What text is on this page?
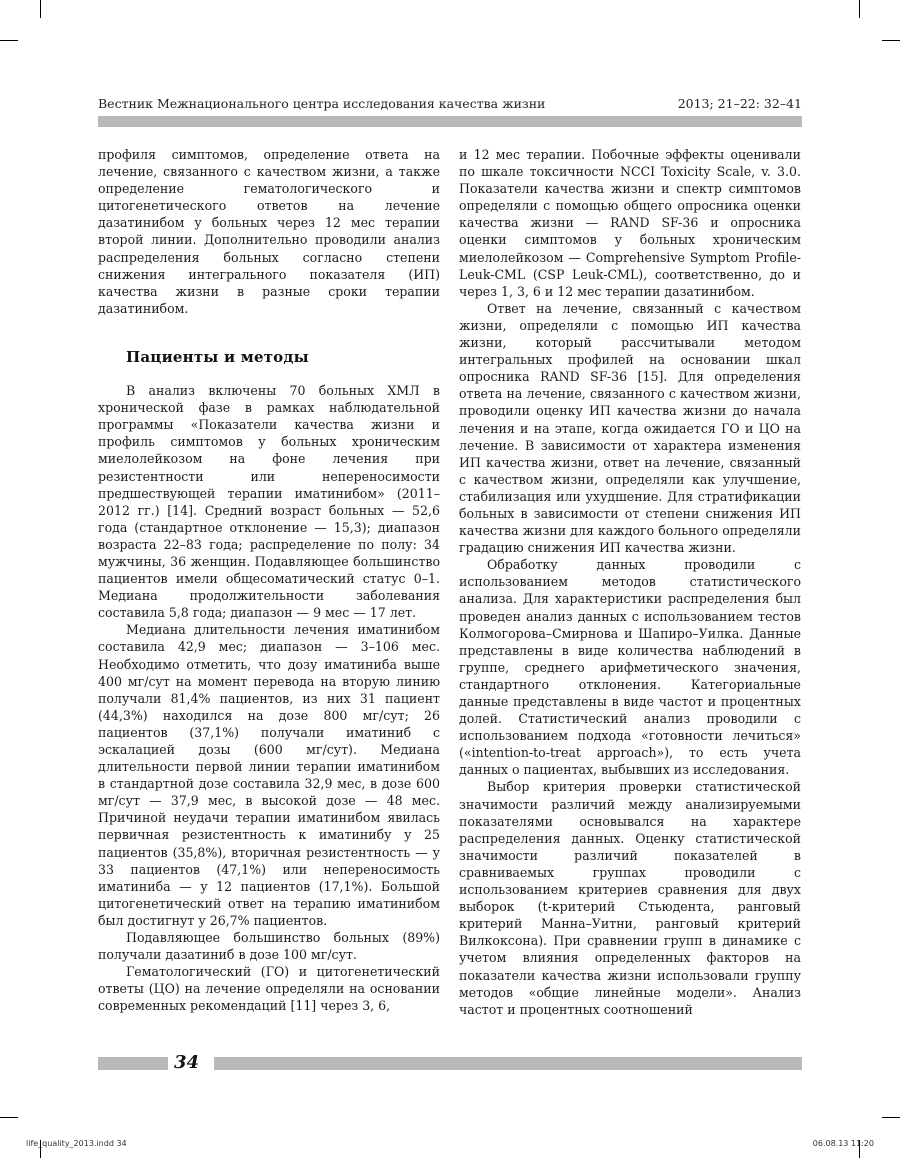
Вестник Межнационального центра исследования качества жизни	2013; 21–22: 32–41

профиля симптомов, определение ответа на лечение, связанного с качеством жизни, а также определение гематологического и цитогенетического ответов на лечение дазатинибом у больных через 12 мес терапии второй линии. Дополнительно проводили анализ распределения больных согласно степени снижения интегрального показателя (ИП) качества жизни в разные сроки терапии дазатинибом.

Пациенты и методы

В анализ включены 70 больных ХМЛ в хронической фазе в рамках наблюдательной программы «Показатели качества жизни и профиль симптомов у больных хроническим миелолейкозом на фоне лечения при резистентности или непереносимости предшествующей терапии иматинибом» (2011–2012 гг.) [14]. Средний возраст больных — 52,6 года (стандартное отклонение — 15,3); диапазон возраста 22–83 года; распределение по полу: 34 мужчины, 36 женщин. Подавляющее большинство пациентов имели общесоматический статус 0–1. Медиана продолжительности заболевания составила 5,8 года; диапазон — 9 мес — 17 лет.

Медиана длительности лечения иматинибом составила 42,9 мес; диапазон — 3–106 мес. Необходимо отметить, что дозу иматиниба выше 400 мг/сут на момент перевода на вторую линию получали 81,4% пациентов, из них 31 пациент (44,3%) находился на дозе 800 мг/сут; 26 пациентов (37,1%) получали иматиниб с эскалацией дозы (600 мг/сут). Медиана длительности первой линии терапии иматинибом в стандартной дозе составила 32,9 мес, в дозе 600 мг/сут — 37,9 мес, в высокой дозе — 48 мес. Причиной неудачи терапии иматинибом явилась первичная резистентность к иматинибу у 25 пациентов (35,8%), вторичная резистентность — у 33 пациентов (47,1%) или непереносимость иматиниба — у 12 пациентов (17,1%). Большой цитогенетический ответ на терапию иматинибом был достигнут у 26,7% пациентов.

Подавляющее большинство больных (89%) получали дазатиниб в дозе 100 мг/сут.

Гематологический (ГО) и цитогенетический ответы (ЦО) на лечение определяли на основании современных рекомендаций [11] через 3, 6,

и 12 мес терапии. Побочные эффекты оценивали по шкале токсичности NCCI Toxicity Scale, v. 3.0. Показатели качества жизни и спектр симптомов определяли с помощью общего опросника оценки качества жизни — RAND SF-36 и опросника оценки симптомов у больных хроническим миелолейкозом — Comprehensive Symptom Profile-Leuk-CML (CSP Leuk-CML), соответственно, до и через 1, 3, 6 и 12 мес терапии дазатинибом.

Ответ на лечение, связанный с качеством жизни, определяли с помощью ИП качества жизни, который рассчитывали методом интегральных профилей на основании шкал опросника RAND SF-36 [15]. Для определения ответа на лечение, связанного с качеством жизни, проводили оценку ИП качества жизни до начала лечения и на этапе, когда ожидается ГО и ЦО на лечение. В зависимости от характера изменения ИП качества жизни, ответ на лечение, связанный с качеством жизни, определяли как улучшение, стабилизация или ухудшение. Для стратификации больных в зависимости от степени снижения ИП качества жизни для каждого больного определяли градацию снижения ИП качества жизни.

Обработку данных проводили с использованием методов статистического анализа. Для характеристики распределения был проведен анализ данных с использованием тестов Колмогорова–Смирнова и Шапиро–Уилка. Данные представлены в виде количества наблюдений в группе, среднего арифметического значения, стандартного отклонения. Категориальные данные представлены в виде частот и процентных долей. Статистический анализ проводили с использованием подхода «готовности лечиться» («intention-to-treat approach»), то есть учета данных о пациентах, выбывших из исследования.

Выбор критерия проверки статистической значимости различий между анализируемыми показателями основывался на характере распределения данных. Оценку статистической значимости различий показателей в сравниваемых группах проводили с использованием критериев сравнения для двух выборок (t-критерий Стьюдента, ранговый критерий Манна–Уитни, ранговый критерий Вилкоксона). При сравнении групп в динамике с учетом влияния определенных факторов на показатели качества жизни использовали группу методов «общие линейные модели». Анализ частот и процентных соотношений

34
life_quality_2013.indd 34	06.08.13 11:20
